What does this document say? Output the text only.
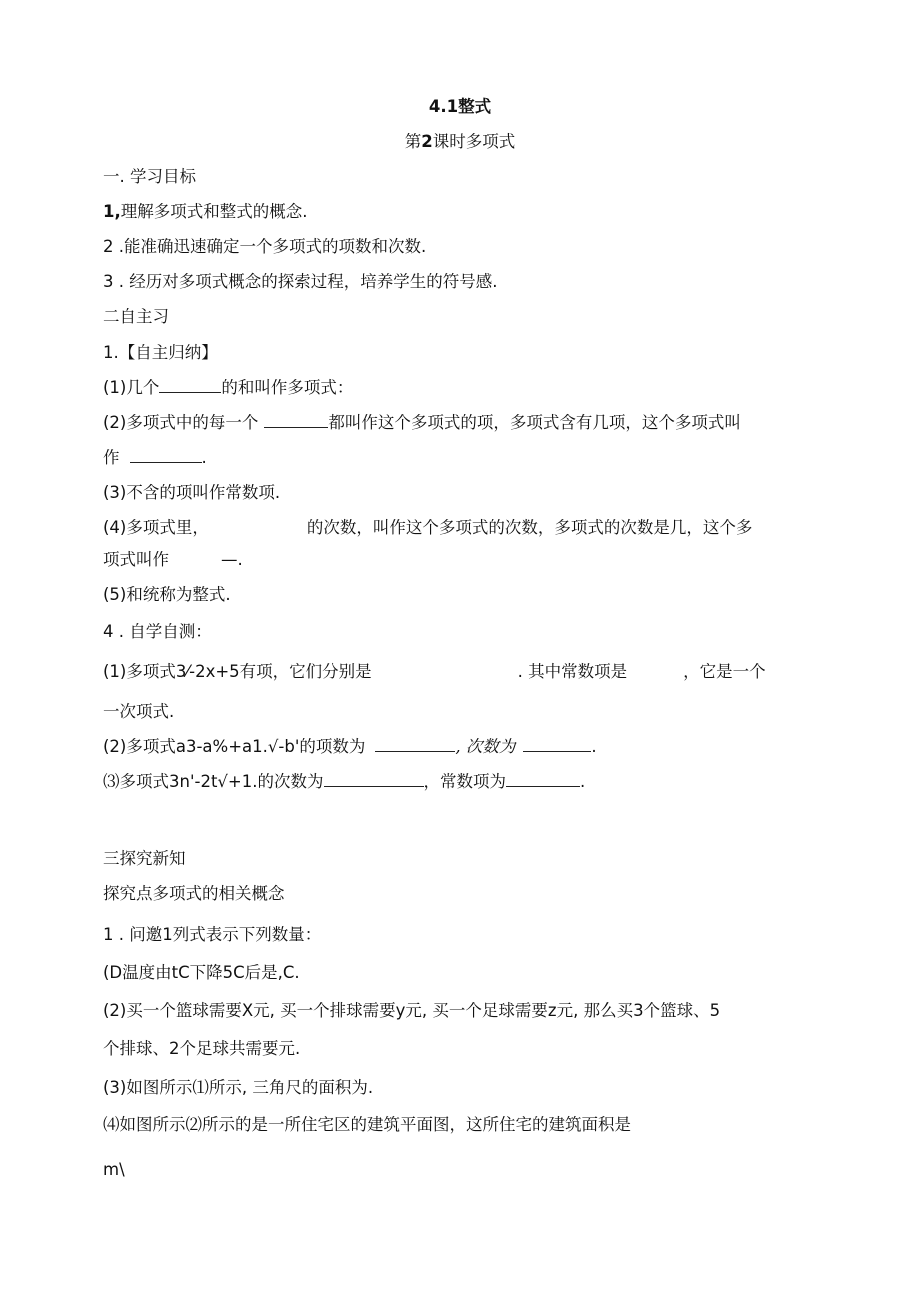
4.1整式
第2课时多项式
一. 学习目标
1,理解多项式和整式的概念.
2 .能准确迅速确定一个多项式的项数和次数.
3 . 经历对多项式概念的探索过程，培养学生的符号感.
二自主习
1.【自主归纳】
(1)几个	的和叫作多项式：
(2)多项式中的每一个	都叫作这个多项式的项，多项式含有几项，这个多项式叫
作	.
(3)不含的项叫作常数项.
(4)多项式里，	的次数，叫作这个多项式的次数，多项式的次数是几，这个多
项式叫作	—.
(5)和统称为整式.
4 . 自学自测：
(1)多项式3⁄-2x+5有项，它们分别是	. 其中常数项是	，它是一个
一次项式.
(2)多项式a3-a%+a1.√-b'的项数为	, 次数为	.
⑶多项式3n'-2t√+1.的次数为	，常数项为	.
三探究新知
探究点多项式的相关概念
1 . 问邀1列式表示下列数量：
(D温度由tC下降5C后是,C.
(2)买一个篮球需要X元, 买一个排球需要y元, 买一个足球需要z元, 那么买3个篮球、5
个排球、2个足球共需要元.
(3)如图所示⑴所示, 三角尺的面积为.
⑷如图所示⑵所示的是一所住宅区的建筑平面图，这所住宅的建筑面积是
m\
